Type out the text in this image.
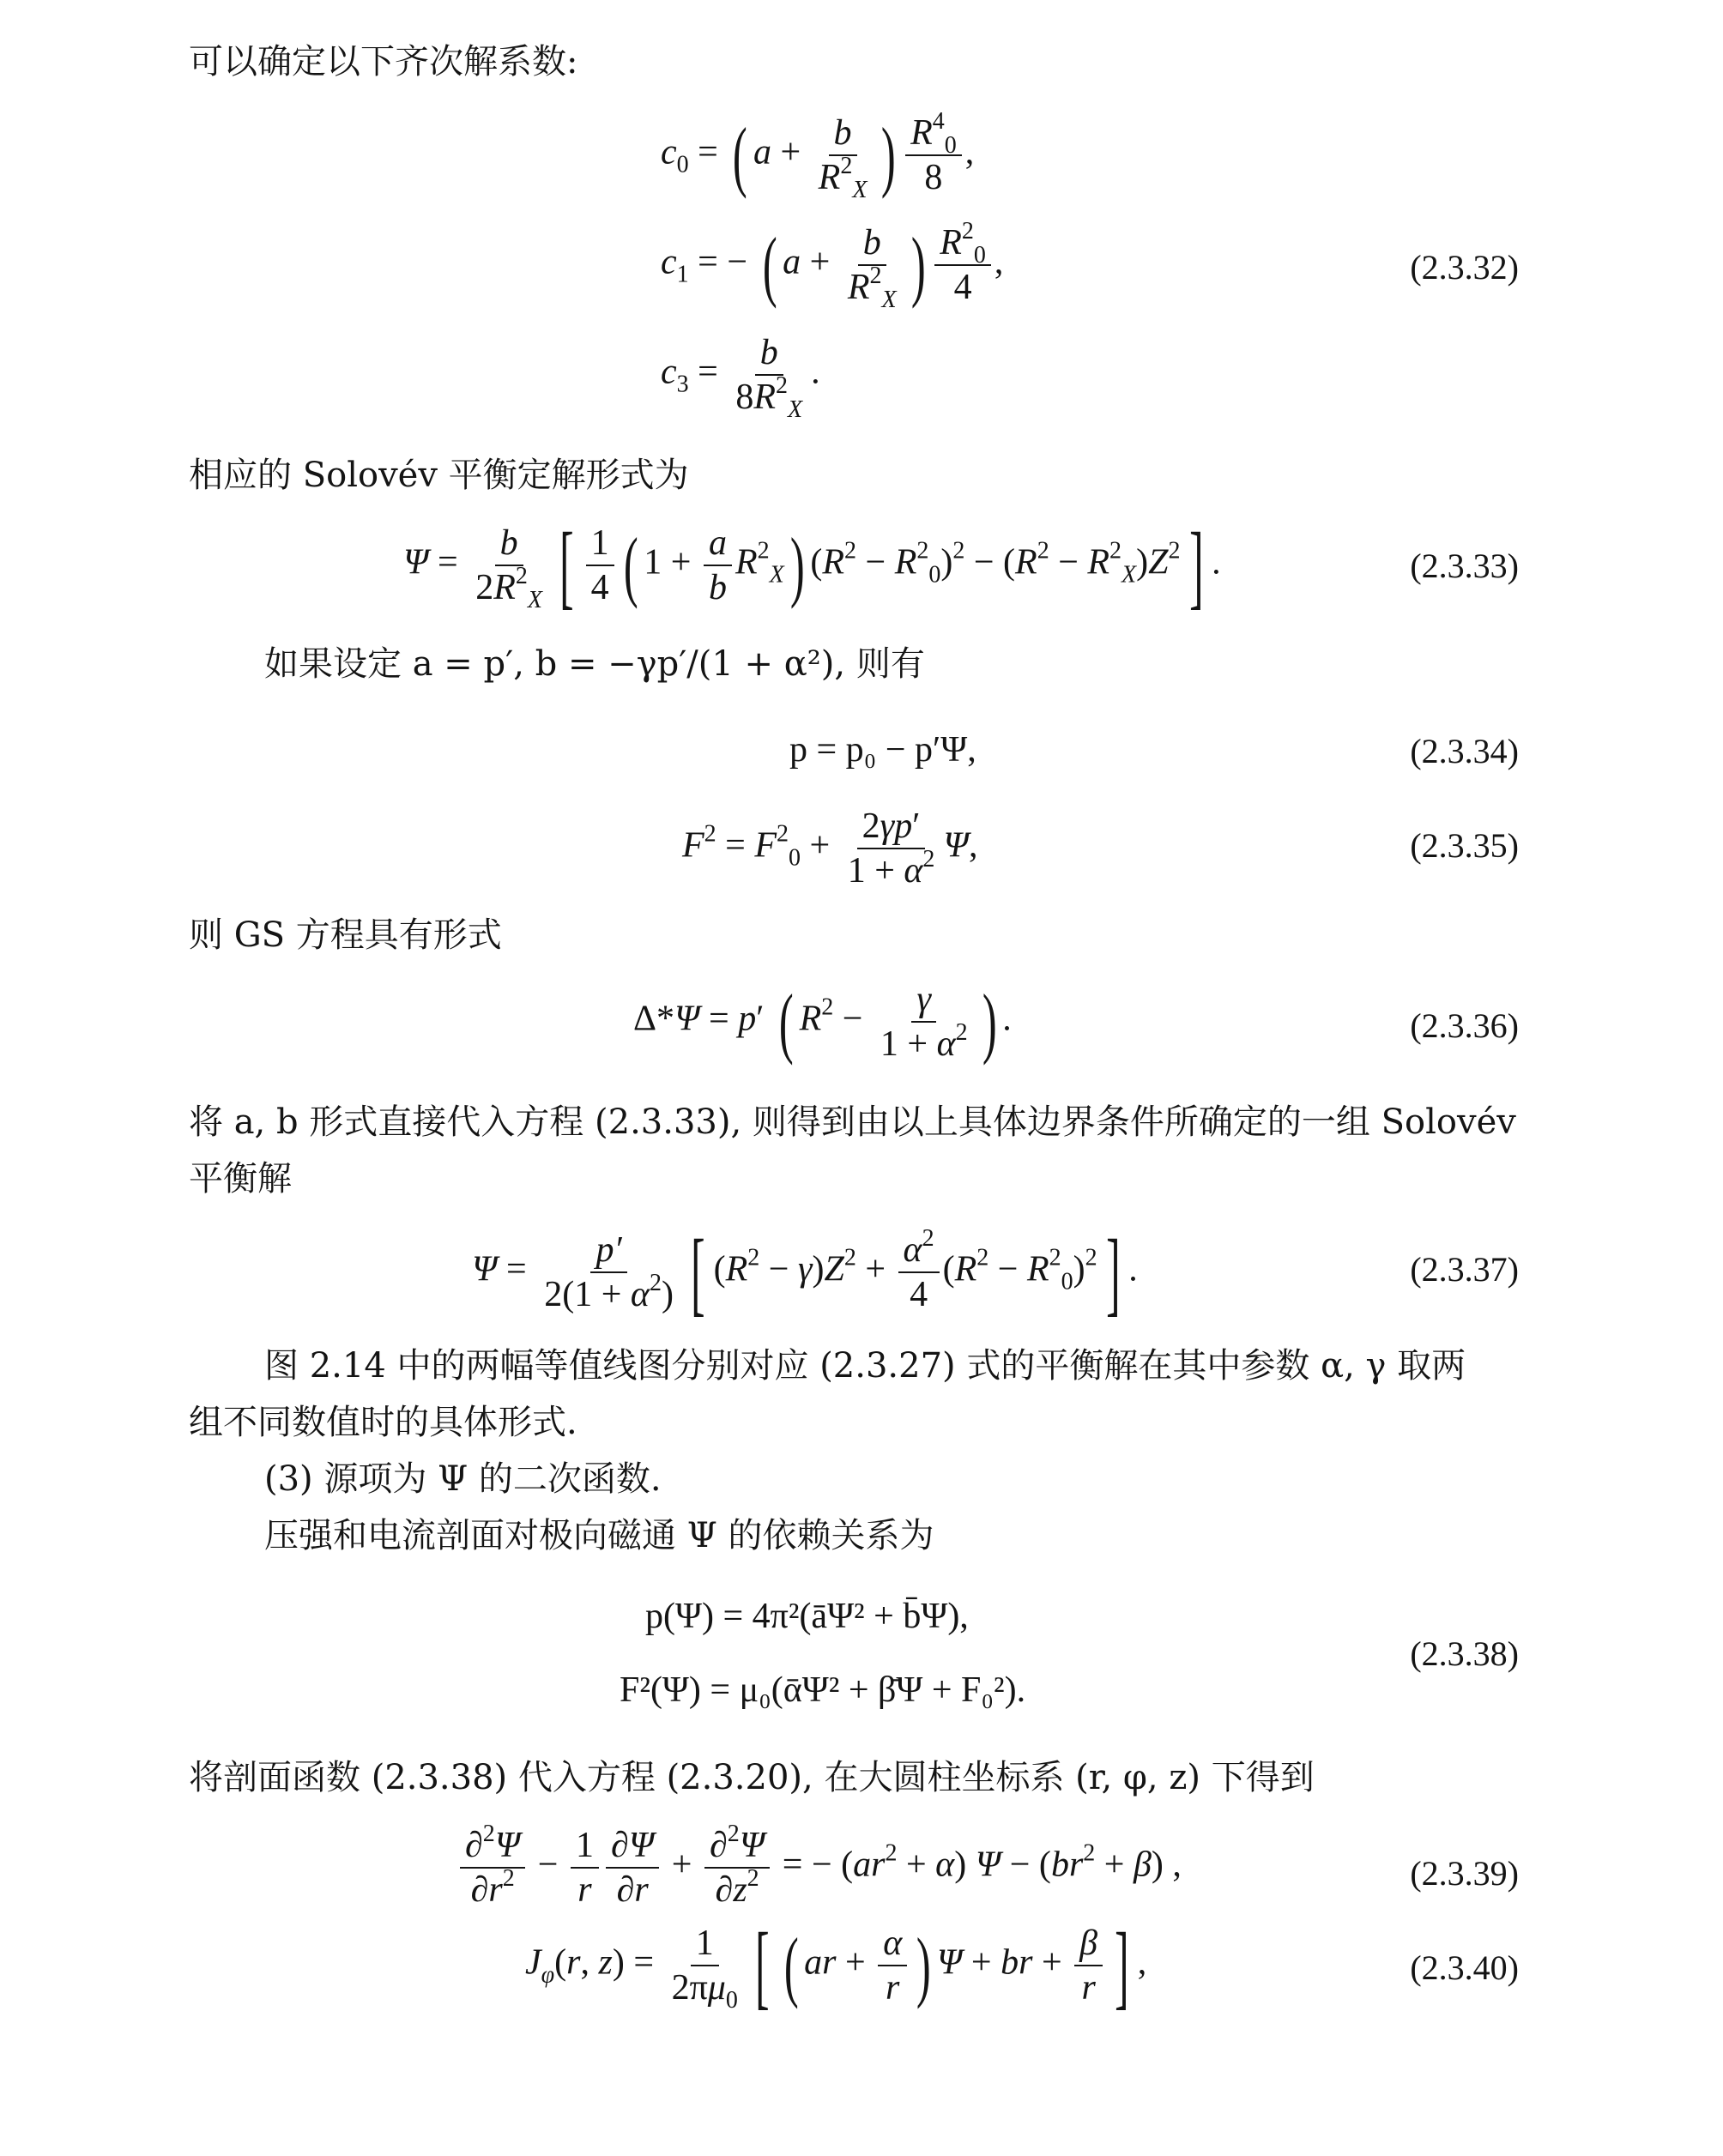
可以确定以下齐次解系数:
$c_0$ = ( $a + \frac{b}{R^2_X}$ ) $\frac{R^4_0}{8}$ ,
$c_1$ = − ( $a + \frac{b}{R^2_X}$ ) $\frac{R^2_0}{4}$ ,
$c_3 = \frac{b}{8R^2_X}$ .
(2.3.32)
相应的 Solovév 平衡定解形式为
$\Psi = \frac{b}{2R^2_X}$ [ $\frac{1}{4}$ ( $1 + \frac{a}{b} R^2_X$) $(R^2 - R^2_0)^2 - (R^2 - R^2_X)Z^2$] .	(2.3.33)
如果设定 a = p′, b = −γp′/(1 + α²), 则有
p = p₀ − p′Ψ,	(2.3.34)
$F^2 = F^2_0 + \frac{2\gamma p'}{1 + \alpha^2} \Psi$,	(2.3.35)
则 GS 方程具有形式
Δ*Ψ = p′ ( $R^2 - \frac{\gamma}{1 + \alpha^2}$ ) .	(2.3.36)
将 a, b 形式直接代入方程 (2.3.33), 则得到由以上具体边界条件所确定的一组 Solovév
平衡解
$\Psi = \frac{p'}{2(1 + \alpha^2)}$ [ $(R^2 - \gamma)Z^2 + \frac{\alpha^2}{4} (R^2 - R^2_0)^2$] .	(2.3.37)
图 2.14 中的两幅等值线图分别对应 (2.3.27) 式的平衡解在其中参数 α, γ 取两
组不同数值时的具体形式.
(3) 源项为 Ψ 的二次函数.
压强和电流剖面对极向磁通 Ψ 的依赖关系为
p(Ψ) = 4π²(āΨ² + b̄Ψ),
F²(Ψ) = μ₀(ᾱΨ² + β̄Ψ + F₀²).
(2.3.38)
将剖面函数 (2.3.38) 代入方程 (2.3.20), 在大圆柱坐标系 (r, φ, z) 下得到
$\frac{\partial^2\Psi}{\partial r^2} - \frac{1}{r} \frac{\partial\Psi}{\partial r} + \frac{\partial^2\Psi}{\partial z^2}$ = − $(ar^2 + \alpha) \Psi - (br^2 + \beta)$ ,	(2.3.39)
$J_\varphi(r$, $z) = \frac{1}{2\pi\mu_0}$ [ ( ar + $\frac{\alpha}{r}$ ) Ψ + br + $\frac{\beta}{r}$ ] ,	(2.3.40)
